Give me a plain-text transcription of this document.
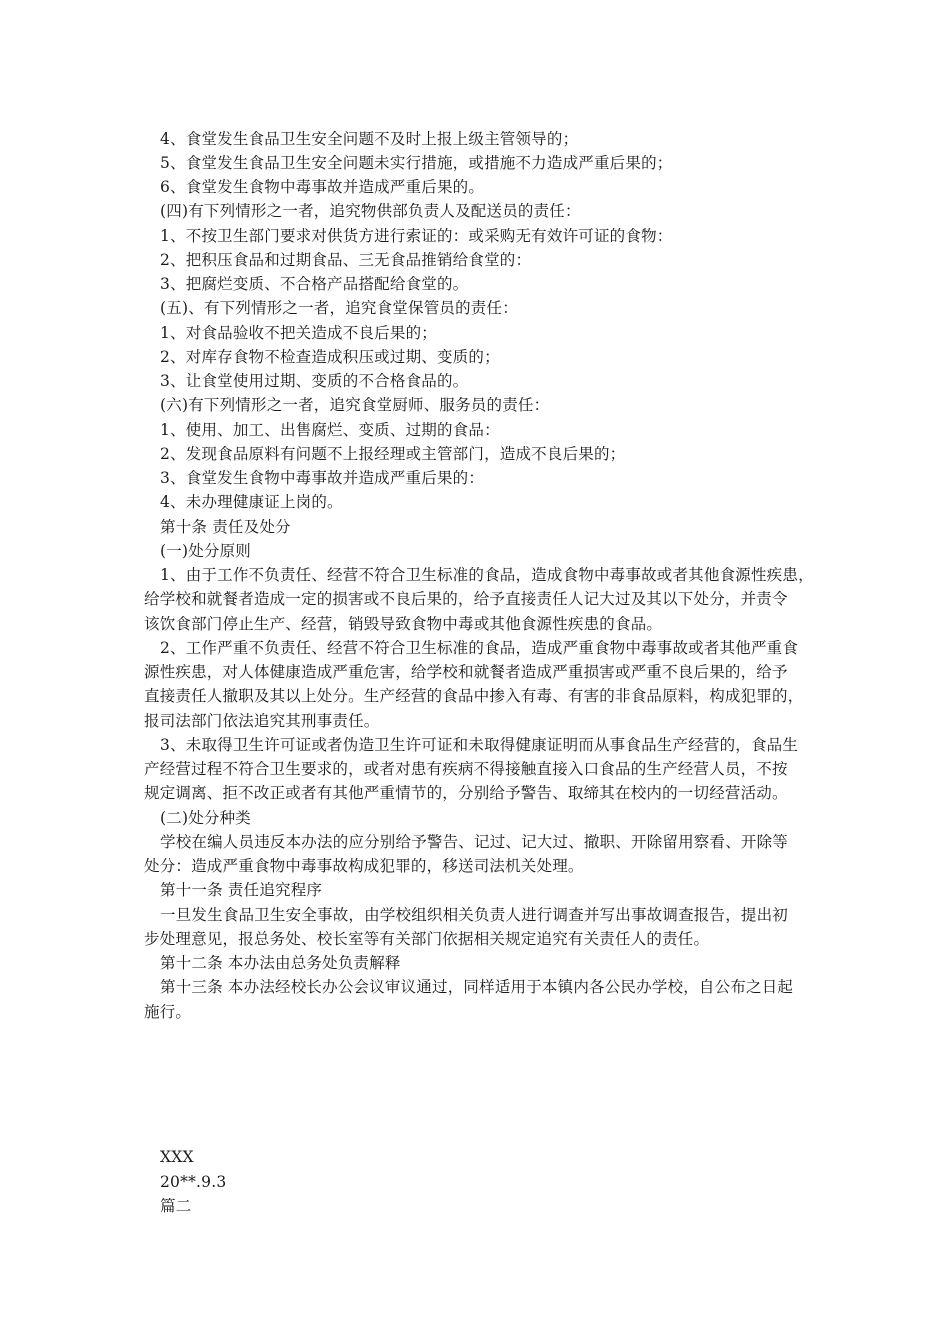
4、食堂发生食品卫生安全问题不及时上报上级主管领导的；
5、食堂发生食品卫生安全问题未实行措施，或措施不力造成严重后果的；
6、食堂发生食物中毒事故并造成严重后果的。
(四)有下列情形之一者，追究物供部负责人及配送员的责任：
1、不按卫生部门要求对供货方进行索证的：或采购无有效许可证的食物：
2、把积压食品和过期食品、三无食品推销给食堂的：
3、把腐烂变质、不合格产品搭配给食堂的。
(五)、有下列情形之一者，追究食堂保管员的责任：
1、对食品验收不把关造成不良后果的；
2、对库存食物不检查造成积压或过期、变质的；
3、让食堂使用过期、变质的不合格食品的。
(六)有下列情形之一者，追究食堂厨师、服务员的责任：
1、使用、加工、出售腐烂、变质、过期的食品：
2、发现食品原料有问题不上报经理或主管部门，造成不良后果的；
3、食堂发生食物中毒事故并造成严重后果的：
4、未办理健康证上岗的。
第十条 责任及处分
(一)处分原则
1、由于工作不负责任、经营不符合卫生标准的食品，造成食物中毒事故或者其他食源性疾患，
给学校和就餐者造成一定的损害或不良后果的，给予直接责任人记大过及其以下处分，并责令
该饮食部门停止生产、经营，销毁导致食物中毒或其他食源性疾患的食品。
2、工作严重不负责任、经营不符合卫生标准的食品，造成严重食物中毒事故或者其他严重食
源性疾患，对人体健康造成严重危害，给学校和就餐者造成严重损害或严重不良后果的，给予
直接责任人撤职及其以上处分。生产经营的食品中掺入有毒、有害的非食品原料，构成犯罪的，
报司法部门依法追究其刑事责任。
3、未取得卫生许可证或者伪造卫生许可证和未取得健康证明而从事食品生产经营的，食品生
产经营过程不符合卫生要求的，或者对患有疾病不得接触直接入口食品的生产经营人员，不按
规定调离、拒不改正或者有其他严重情节的，分别给予警告、取缔其在校内的一切经营活动。
(二)处分种类
学校在编人员违反本办法的应分别给予警告、记过、记大过、撤职、开除留用察看、开除等
处分：造成严重食物中毒事故构成犯罪的，移送司法机关处理。
第十一条 责任追究程序
一旦发生食品卫生安全事故，由学校组织相关负责人进行调查并写出事故调查报告，提出初
步处理意见，报总务处、校长室等有关部门依据相关规定追究有关责任人的责任。
第十二条 本办法由总务处负责解释
第十三条 本办法经校长办公会议审议通过，同样适用于本镇内各公民办学校，自公布之日起
施行。
XXX
20**.9.3
篇二
